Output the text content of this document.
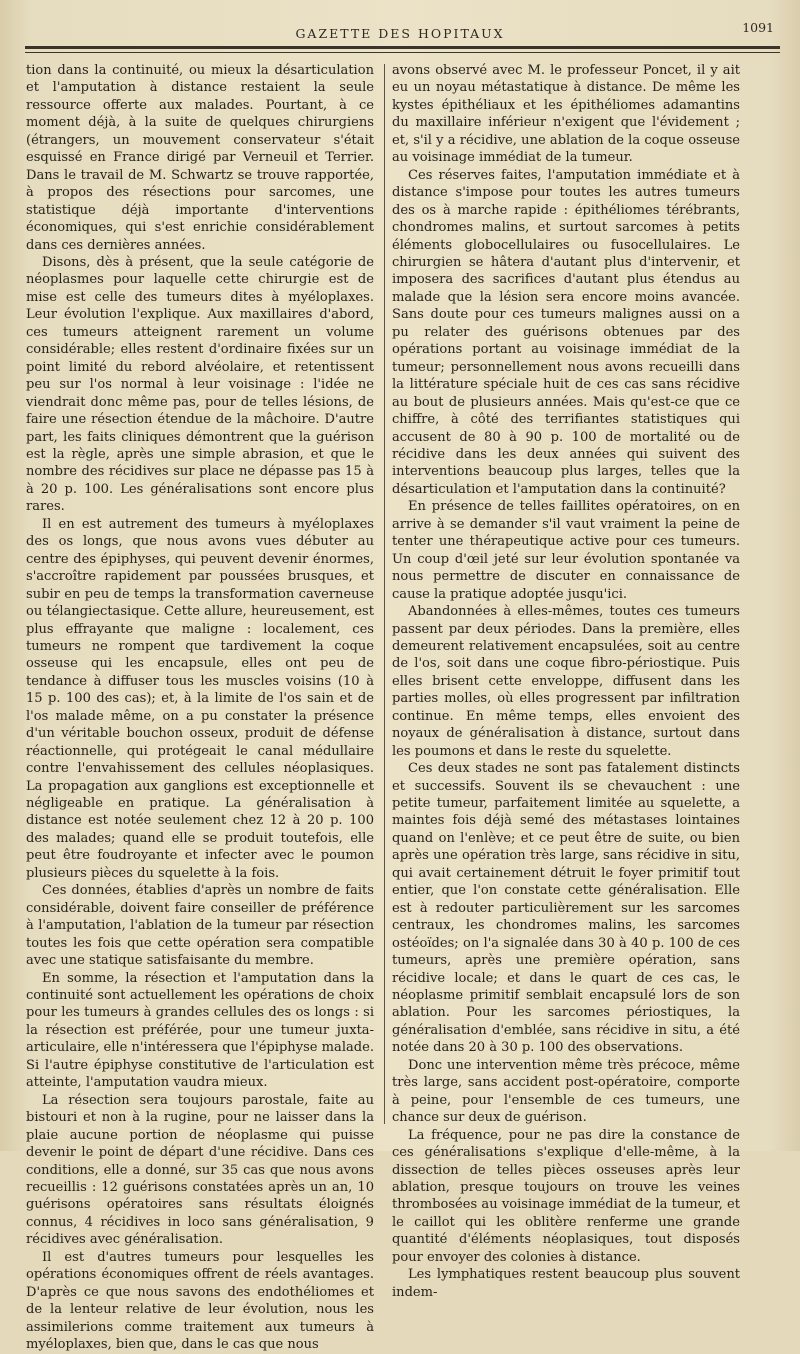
GAZETTE DES HOPITAUX	1091

tion dans la continuité, ou mieux la désarticulation et l'amputation à distance restaient la seule ressource offerte aux malades. Pourtant, à ce moment déjà, à la suite de quelques chirurgiens (étrangers, un mouvement conservateur s'était esquissé en France dirigé par Verneuil et Terrier. Dans le travail de M. Schwartz se trouve rapportée, à propos des résections pour sarcomes, une statistique déjà importante d'interventions économiques, qui s'est enrichie considérablement dans ces dernières années.

Disons, dès à présent, que la seule catégorie de néoplasmes pour laquelle cette chirurgie est de mise est celle des tumeurs dites à myéloplaxes. Leur évolution l'explique. Aux maxillaires d'abord, ces tumeurs atteignent rarement un volume considérable; elles restent d'ordinaire fixées sur un point limité du rebord alvéolaire, et retentissent peu sur l'os normal à leur voisinage : l'idée ne viendrait donc même pas, pour de telles lésions, de faire une résection étendue de la mâchoire. D'autre part, les faits cliniques démontrent que la guérison est la règle, après une simple abrasion, et que le nombre des récidives sur place ne dépasse pas 15 à à 20 p. 100. Les généralisations sont encore plus rares.

Il en est autrement des tumeurs à myéloplaxes des os longs, que nous avons vues débuter au centre des épiphyses, qui peuvent devenir énormes, s'accroître rapidement par poussées brusques, et subir en peu de temps la transformation caverneuse ou télangiectasique. Cette allure, heureusement, est plus effrayante que maligne : localement, ces tumeurs ne rompent que tardivement la coque osseuse qui les encapsule, elles ont peu de tendance à diffuser tous les muscles voisins (10 à 15 p. 100 des cas); et, à la limite de l'os sain et de l'os malade même, on a pu constater la présence d'un véritable bouchon osseux, produit de défense réactionnelle, qui protégeait le canal médullaire contre l'envahissement des cellules néoplasiques. La propagation aux ganglions est exceptionnelle et négligeable en pratique. La généralisation à distance est notée seulement chez 12 à 20 p. 100 des malades; quand elle se produit toutefois, elle peut être foudroyante et infecter avec le poumon plusieurs pièces du squelette à la fois.

Ces données, établies d'après un nombre de faits considérable, doivent faire conseiller de préférence à l'amputation, l'ablation de la tumeur par résection toutes les fois que cette opération sera compatible avec une statique satisfaisante du membre.

En somme, la résection et l'amputation dans la continuité sont actuellement les opérations de choix pour les tumeurs à grandes cellules des os longs : si la résection est préférée, pour une tumeur juxta-articulaire, elle n'intéressera que l'épiphyse malade. Si l'autre épiphyse constitutive de l'articulation est atteinte, l'amputation vaudra mieux.

La résection sera toujours parostale, faite au bistouri et non à la rugine, pour ne laisser dans la plaie aucune portion de néoplasme qui puisse devenir le point de départ d'une récidive. Dans ces conditions, elle a donné, sur 35 cas que nous avons recueillis : 12 guérisons constatées après un an, 10 guérisons opératoires sans résultats éloignés connus, 4 récidives in loco sans généralisation, 9 récidives avec généralisation.

Il est d'autres tumeurs pour lesquelles les opérations économiques offrent de réels avantages. D'après ce que nous savons des endothéliomes et de la lenteur relative de leur évolution, nous les assimilerions comme traitement aux tumeurs à myéloplaxes, bien que, dans le cas que nous

avons observé avec M. le professeur Poncet, il y ait eu un noyau métastatique à distance. De même les kystes épithéliaux et les épithéliomes adamantins du maxillaire inférieur n'exigent que l'évidement ; et, s'il y a récidive, une ablation de la coque osseuse au voisinage immédiat de la tumeur.

Ces réserves faites, l'amputation immédiate et à distance s'impose pour toutes les autres tumeurs des os à marche rapide : épithéliomes térébrants, chondromes malins, et surtout sarcomes à petits éléments globocellulaires ou fusocellulaires. Le chirurgien se hâtera d'autant plus d'intervenir, et imposera des sacrifices d'autant plus étendus au malade que la lésion sera encore moins avancée. Sans doute pour ces tumeurs malignes aussi on a pu relater des guérisons obtenues par des opérations portant au voisinage immédiat de la tumeur; personnellement nous avons recueilli dans la littérature spéciale huit de ces cas sans récidive au bout de plusieurs années. Mais qu'est-ce que ce chiffre, à côté des terrifiantes statistiques qui accusent de 80 à 90 p. 100 de mortalité ou de récidive dans les deux années qui suivent des interventions beaucoup plus larges, telles que la désarticulation et l'amputation dans la continuité?

En présence de telles faillites opératoires, on en arrive à se demander s'il vaut vraiment la peine de tenter une thérapeutique active pour ces tumeurs. Un coup d'œil jeté sur leur évolution spontanée va nous permettre de discuter en connaissance de cause la pratique adoptée jusqu'ici.

Abandonnées à elles-mêmes, toutes ces tumeurs passent par deux périodes. Dans la première, elles demeurent relativement encapsulées, soit au centre de l'os, soit dans une coque fibro-périostique. Puis elles brisent cette enveloppe, diffusent dans les parties molles, où elles progressent par infiltration continue. En même temps, elles envoient des noyaux de généralisation à distance, surtout dans les poumons et dans le reste du squelette.

Ces deux stades ne sont pas fatalement distincts et successifs. Souvent ils se chevauchent : une petite tumeur, parfaitement limitée au squelette, a maintes fois déjà semé des métastases lointaines quand on l'enlève; et ce peut être de suite, ou bien après une opération très large, sans récidive in situ, qui avait certainement détruit le foyer primitif tout entier, que l'on constate cette généralisation. Elle est à redouter particulièrement sur les sarcomes centraux, les chondromes malins, les sarcomes ostéoïdes; on l'a signalée dans 30 à 40 p. 100 de ces tumeurs, après une première opération, sans récidive locale; et dans le quart de ces cas, le néoplasme primitif semblait encapsulé lors de son ablation. Pour les sarcomes périostiques, la généralisation d'emblée, sans récidive in situ, a été notée dans 20 à 30 p. 100 des observations.

Donc une intervention même très précoce, même très large, sans accident post-opératoire, comporte à peine, pour l'ensemble de ces tumeurs, une chance sur deux de guérison.

La fréquence, pour ne pas dire la constance de ces généralisations s'explique d'elle-même, à la dissection de telles pièces osseuses après leur ablation, presque toujours on trouve les veines thrombosées au voisinage immédiat de la tumeur, et le caillot qui les oblitère renferme une grande quantité d'éléments néoplasiques, tout disposés pour envoyer des colonies à distance.

Les lymphatiques restent beaucoup plus souvent indem-
